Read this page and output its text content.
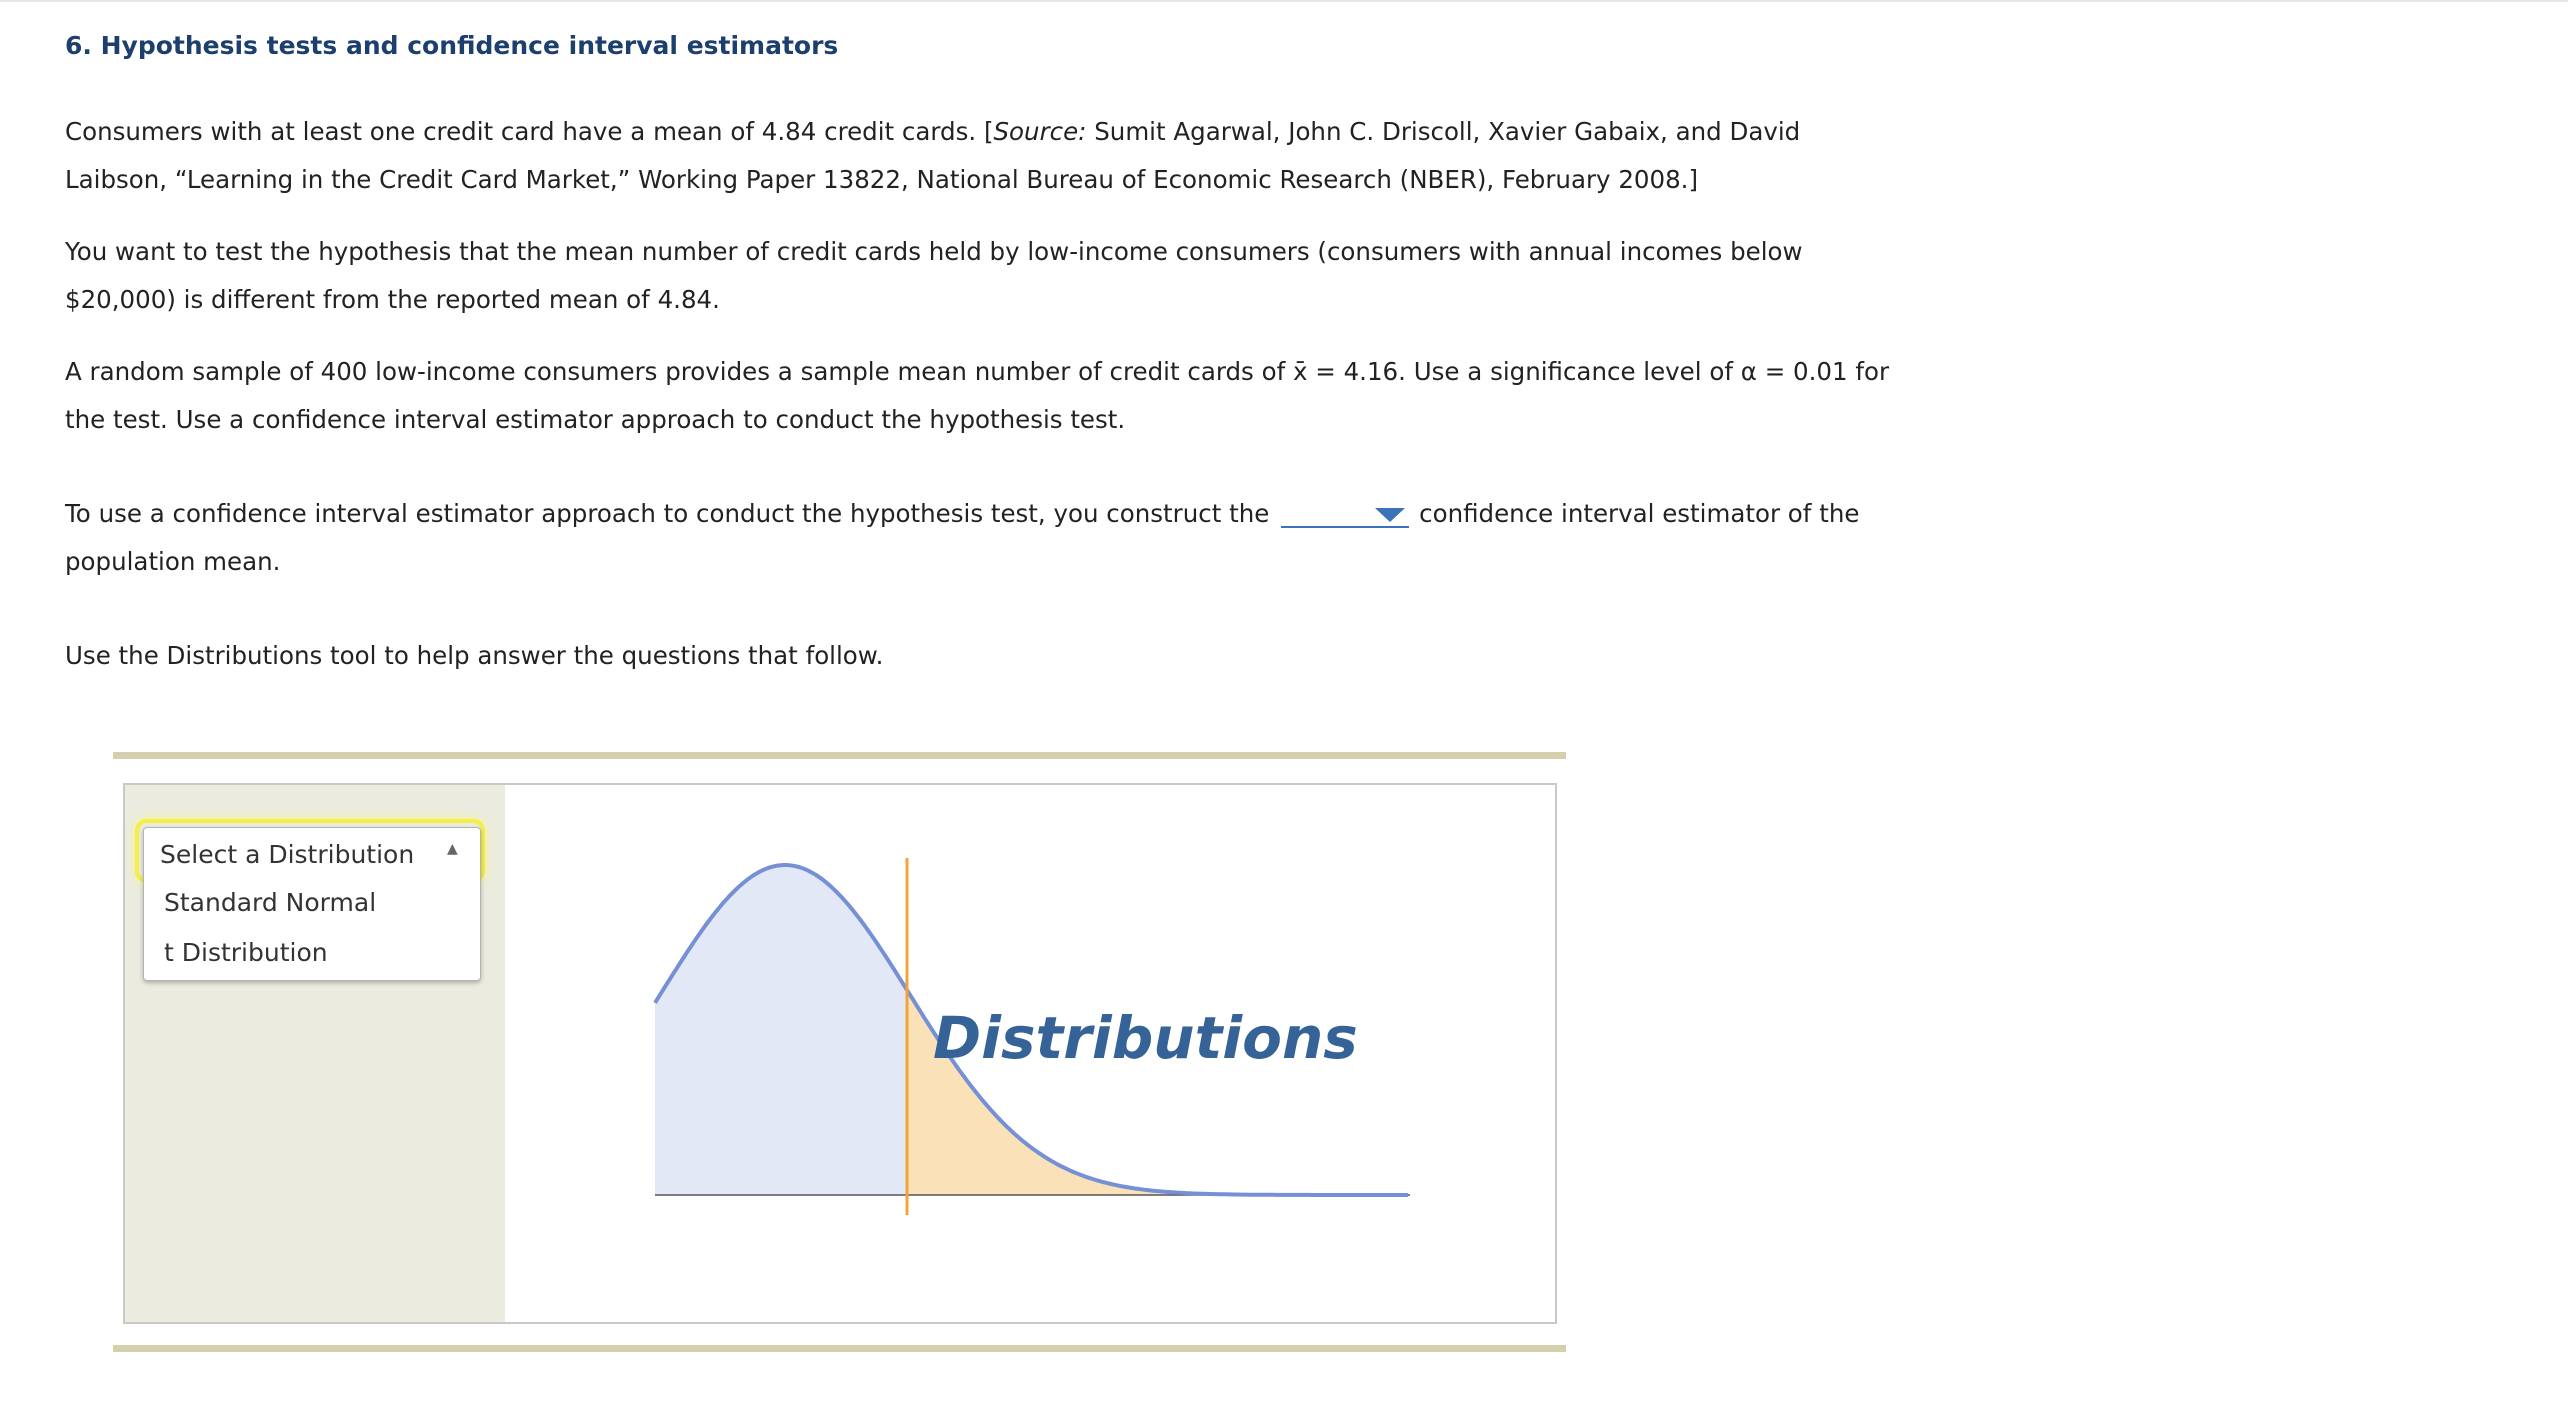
6. Hypothesis tests and confidence interval estimators

Consumers with at least one credit card have a mean of 4.84 credit cards. [Source: Sumit Agarwal, John C. Driscoll, Xavier Gabaix, and David Laibson, “Learning in the Credit Card Market,” Working Paper 13822, National Bureau of Economic Research (NBER), February 2008.]

You want to test the hypothesis that the mean number of credit cards held by low-income consumers (consumers with annual incomes below $20,000) is different from the reported mean of 4.84.

A random sample of 400 low-income consumers provides a sample mean number of credit cards of x̄ = 4.16. Use a significance level of α = 0.01 for the test. Use a confidence interval estimator approach to conduct the hypothesis test.

To use a confidence interval estimator approach to conduct the hypothesis test, you construct the	confidence interval estimator of the population mean.

Use the Distributions tool to help answer the questions that follow.

Select a Distribution ▲
Standard Normal
t Distribution
Distributions
